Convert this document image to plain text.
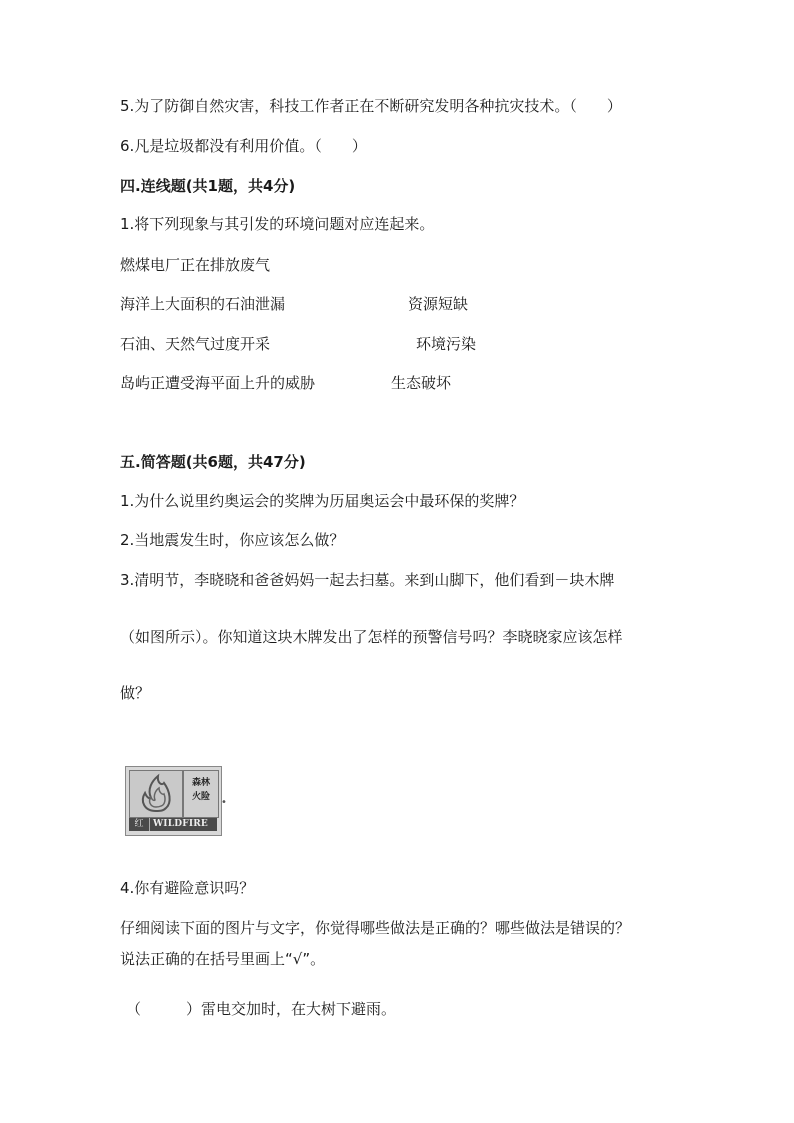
5.为了防御自然灾害，科技工作者正在不断研究发明各种抗灾技术。（　　）
6.凡是垃圾都没有利用价值。（　　）
四.连线题(共1题，共4分)
1.将下列现象与其引发的环境问题对应连起来。
燃煤电厂正在排放废气
海洋上大面积的石油泄漏	资源短缺
石油、天然气过度开采	环境污染
岛屿正遭受海平面上升的威胁	生态破坏
五.简答题(共6题，共47分)
1.为什么说里约奥运会的奖牌为历届奥运会中最环保的奖牌？
2.当地震发生时，你应该怎么做？
3.清明节，李晓晓和爸爸妈妈一起去扫墓。来到山脚下，他们看到－块木牌
（如图所示）。你知道这块木牌发出了怎样的预警信号吗？李晓晓家应该怎样
做？
森林
火险
红 WILDFIRE
•
4.你有避险意识吗？
仔细阅读下面的图片与文字，你觉得哪些做法是正确的？哪些做法是错误的？
说法正确的在括号里画上“√”。
（　　　）雷电交加时，在大树下避雨。
